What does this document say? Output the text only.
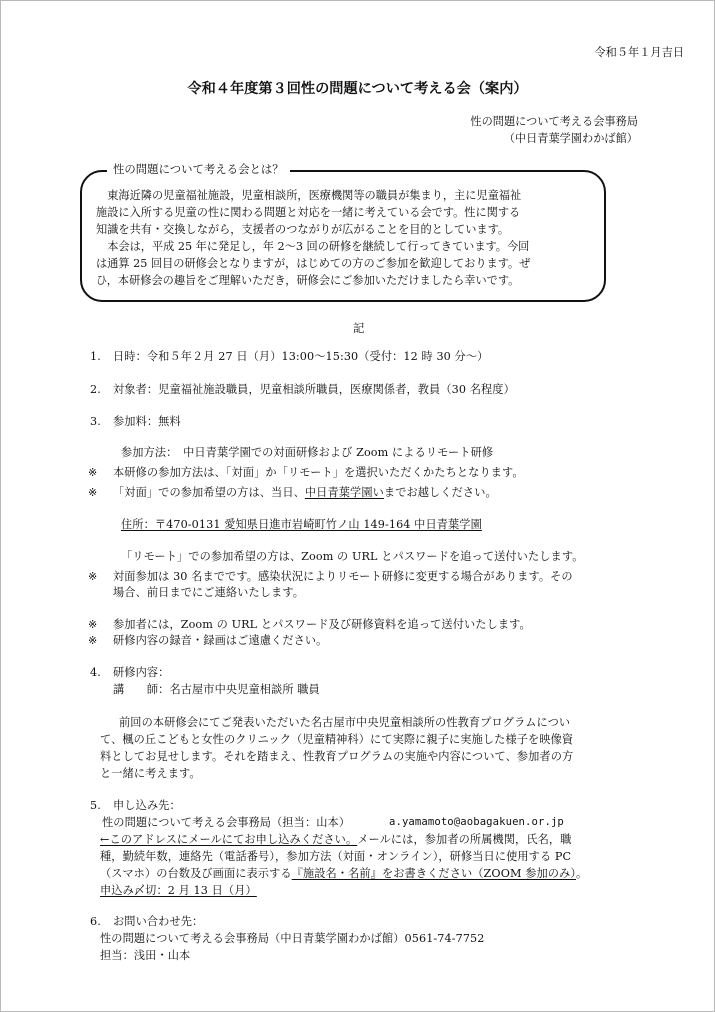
令和５年１月吉日
令和４年度第３回性の問題について考える会（案内）
性の問題について考える会事務局
（中日青葉学園わかば館）
性の問題について考える会とは？
　東海近隣の児童福祉施設，児童相談所，医療機関等の職員が集まり，主に児童福祉
施設に入所する児童の性に関わる問題と対応を一緒に考えている会です。性に関する
知識を共有・交換しながら，支援者のつながりが広がることを目的としています。
　本会は，平成 25 年に発足し，年 2～3 回の研修を継続して行ってきています。今回
は通算 25 回目の研修会となりますが，はじめての方のご参加を歓迎しております。ぜ
ひ，本研修会の趣旨をご理解いただき，研修会にご参加いただけましたら幸いです。
記
1. 日時：令和５年２月 27 日（月）13:00～15:30（受付：12 時 30 分～）
2. 対象者：児童福祉施設職員，児童相談所職員，医療関係者，教員（30 名程度）
3. 参加料：無料
参加方法：　中日青葉学園での対面研修および Zoom によるリモート研修
※ 本研修の参加方法は、「対面」か「リモート」を選択いただくかたちとなります。
※ 「対面」での参加希望の方は、当日、中日青葉学園いまでお越しください。
住所：〒470-0131 愛知県日進市岩崎町竹ノ山 149-164 中日青葉学園
「リモート」での参加希望の方は、Zoom の URL とパスワードを追って送付いたします。
※ 対面参加は 30 名までです。感染状況によりリモート研修に変更する場合があります。その
場合、前日までにご連絡いたします。
※ 参加者には，Zoom の URL とパスワード及び研修資料を追って送付いたします。
※ 研修内容の録音・録画はご遠慮ください。
4. 研修内容：
講　　師：名古屋市中央児童相談所 職員
前回の本研修会にてご発表いただいた名古屋市中央児童相談所の性教育プログラムについ
て、楓の丘こどもと女性のクリニック（児童精神科）にて実際に親子に実施した様子を映像資
料としてお見せします。それを踏まえ、性教育プログラムの実施や内容について、参加者の方
と一緒に考えます。
5. 申し込み先：
性の問題について考える会事務局（担当：山本）	a.yamamoto@aobagakuen.or.jp
←このアドレスにメールにてお申し込みください。メールには，参加者の所属機関，氏名，職
種，勤続年数，連絡先（電話番号），参加方法（対面・オンライン），研修当日に使用する PC
（スマホ）の台数及び画面に表示する『施設名・名前』をお書きください（ZOOM 参加のみ）。
申込み〆切：2 月 13 日（月）
6. お問い合わせ先：
性の問題について考える会事務局（中日青葉学園わかば館）0561-74-7752
担当：浅田・山本
